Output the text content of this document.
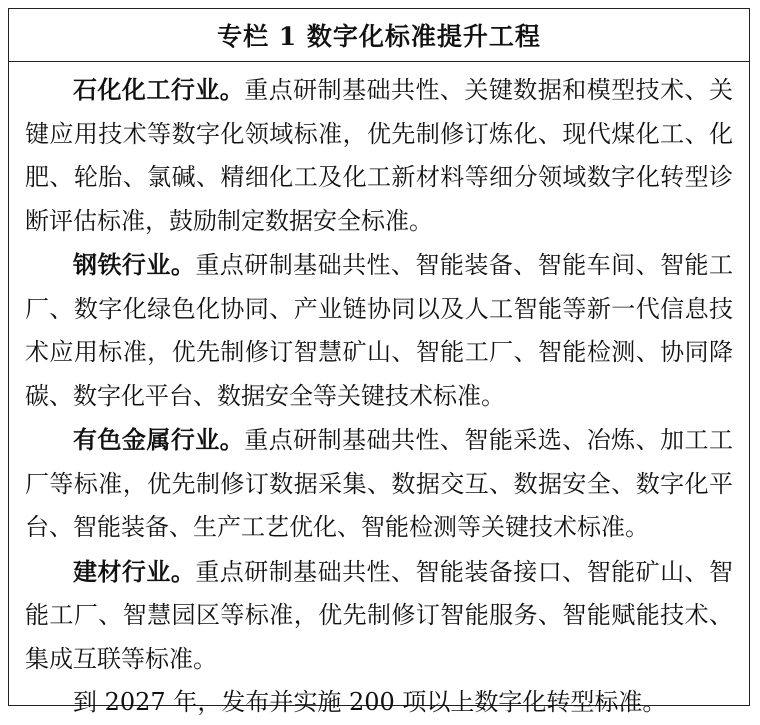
专栏 1 数字化标准提升工程

石化化工行业。重点研制基础共性、关键数据和模型技术、关键应用技术等数字化领域标准，优先制修订炼化、现代煤化工、化肥、轮胎、氯碱、精细化工及化工新材料等细分领域数字化转型诊断评估标准，鼓励制定数据安全标准。

钢铁行业。重点研制基础共性、智能装备、智能车间、智能工厂、数字化绿色化协同、产业链协同以及人工智能等新一代信息技术应用标准，优先制修订智慧矿山、智能工厂、智能检测、协同降碳、数字化平台、数据安全等关键技术标准。

有色金属行业。重点研制基础共性、智能采选、冶炼、加工工厂等标准，优先制修订数据采集、数据交互、数据安全、数字化平台、智能装备、生产工艺优化、智能检测等关键技术标准。

建材行业。重点研制基础共性、智能装备接口、智能矿山、智能工厂、智慧园区等标准，优先制修订智能服务、智能赋能技术、集成互联等标准。

到 2027 年，发布并实施 200 项以上数字化转型标准。
